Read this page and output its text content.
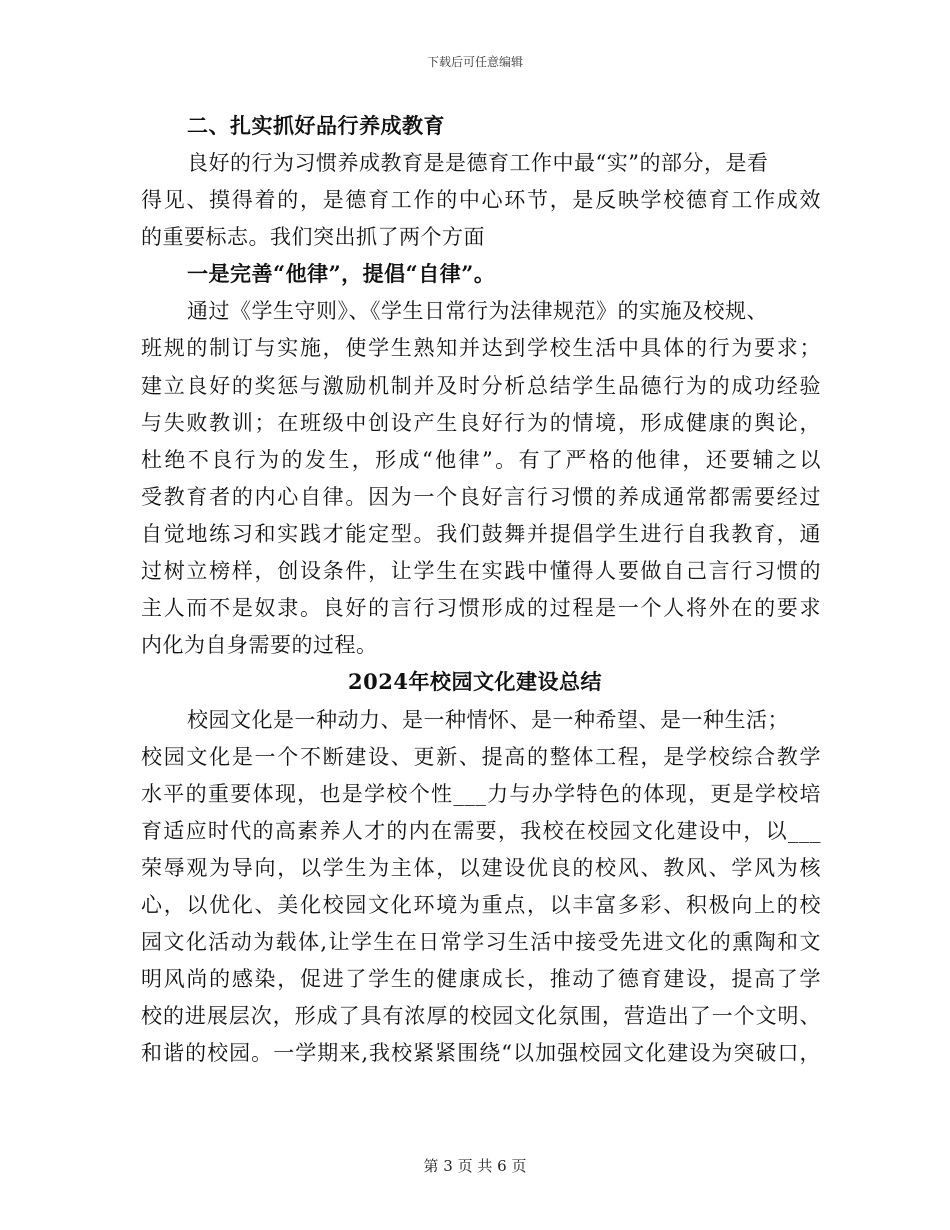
下载后可任意编辑
二、扎实抓好品行养成教育
良好的行为习惯养成教育是是德育工作中最“实”的部分，是看
得见、摸得着的，是德育工作的中心环节，是反映学校德育工作成效
的重要标志。我们突出抓了两个方面
一是完善“他律”，提倡“自律”。
通过《学生守则》、《学生日常行为法律规范》的实施及校规、
班规的制订与实施，使学生熟知并达到学校生活中具体的行为要求；
建立良好的奖惩与激励机制并及时分析总结学生品德行为的成功经验
与失败教训；在班级中创设产生良好行为的情境，形成健康的舆论，
杜绝不良行为的发生，形成“他律”。有了严格的他律，还要辅之以
受教育者的内心自律。因为一个良好言行习惯的养成通常都需要经过
自觉地练习和实践才能定型。我们鼓舞并提倡学生进行自我教育，通
过树立榜样，创设条件，让学生在实践中懂得人要做自己言行习惯的
主人而不是奴隶。良好的言行习惯形成的过程是一个人将外在的要求
内化为自身需要的过程。
2024年校园文化建设总结
校园文化是一种动力、是一种情怀、是一种希望、是一种生活；
校园文化是一个不断建设、更新、提高的整体工程，是学校综合教学
水平的重要体现，也是学校个性___力与办学特色的体现，更是学校培
育适应时代的高素养人才的内在需要，我校在校园文化建设中，以___
荣辱观为导向，以学生为主体，以建设优良的校风、教风、学风为核
心，以优化、美化校园文化环境为重点，以丰富多彩、积极向上的校
园文化活动为载体,让学生在日常学习生活中接受先进文化的熏陶和文
明风尚的感染，促进了学生的健康成长，推动了德育建设，提高了学
校的进展层次，形成了具有浓厚的校园文化氛围，营造出了一个文明、
和谐的校园。一学期来,我校紧紧围绕“以加强校园文化建设为突破口，
第 3 页 共 6 页
